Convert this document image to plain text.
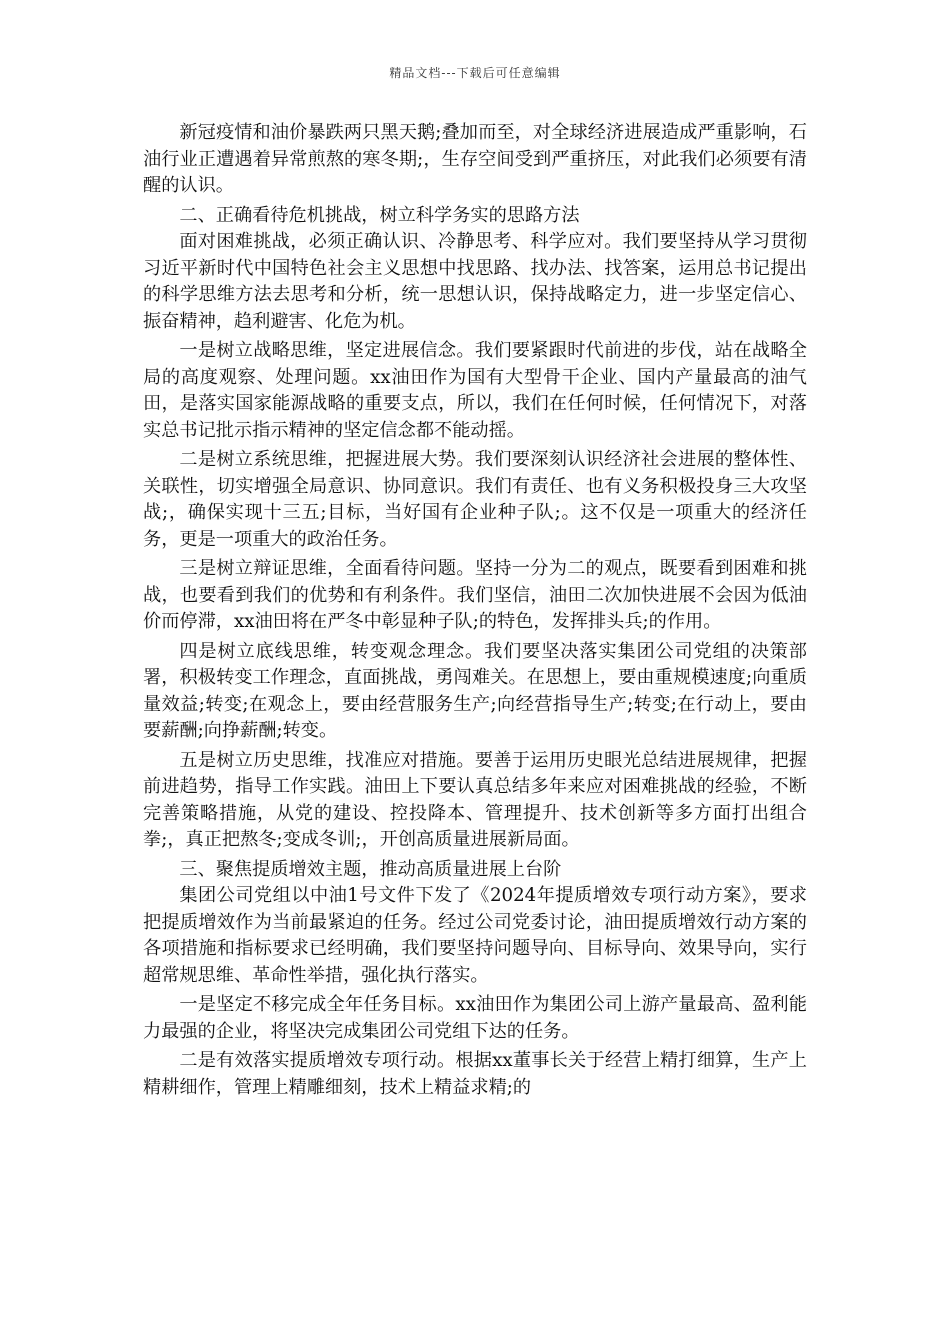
精品文档---下载后可任意编辑

新冠疫情和油价暴跌两只黑天鹅;叠加而至，对全球经济进展造成严重影响，石油行业正遭遇着异常煎熬的寒冬期;，生存空间受到严重挤压，对此我们必须要有清醒的认识。

二、正确看待危机挑战，树立科学务实的思路方法

面对困难挑战，必须正确认识、冷静思考、科学应对。我们要坚持从学习贯彻习近平新时代中国特色社会主义思想中找思路、找办法、找答案，运用总书记提出的科学思维方法去思考和分析，统一思想认识，保持战略定力，进一步坚定信心、振奋精神，趋利避害、化危为机。

一是树立战略思维，坚定进展信念。我们要紧跟时代前进的步伐，站在战略全局的高度观察、处理问题。xx油田作为国有大型骨干企业、国内产量最高的油气田，是落实国家能源战略的重要支点，所以，我们在任何时候，任何情况下，对落实总书记批示指示精神的坚定信念都不能动摇。

二是树立系统思维，把握进展大势。我们要深刻认识经济社会进展的整体性、关联性，切实增强全局意识、协同意识。我们有责任、也有义务积极投身三大攻坚战;，确保实现十三五;目标，当好国有企业种子队;。这不仅是一项重大的经济任务，更是一项重大的政治任务。

三是树立辩证思维，全面看待问题。坚持一分为二的观点，既要看到困难和挑战，也要看到我们的优势和有利条件。我们坚信，油田二次加快进展不会因为低油价而停滞，xx油田将在严冬中彰显种子队;的特色，发挥排头兵;的作用。

四是树立底线思维，转变观念理念。我们要坚决落实集团公司党组的决策部署，积极转变工作理念，直面挑战，勇闯难关。在思想上，要由重规模速度;向重质量效益;转变;在观念上，要由经营服务生产;向经营指导生产;转变;在行动上，要由要薪酬;向挣薪酬;转变。

五是树立历史思维，找准应对措施。要善于运用历史眼光总结进展规律，把握前进趋势，指导工作实践。油田上下要认真总结多年来应对困难挑战的经验，不断完善策略措施，从党的建设、控投降本、管理提升、技术创新等多方面打出组合拳;，真正把熬冬;变成冬训;，开创高质量进展新局面。

三、聚焦提质增效主题，推动高质量进展上台阶

集团公司党组以中油1号文件下发了《2024年提质增效专项行动方案》，要求把提质增效作为当前最紧迫的任务。经过公司党委讨论，油田提质增效行动方案的各项措施和指标要求已经明确，我们要坚持问题导向、目标导向、效果导向，实行超常规思维、革命性举措，强化执行落实。

一是坚定不移完成全年任务目标。xx油田作为集团公司上游产量最高、盈利能力最强的企业，将坚决完成集团公司党组下达的任务。

二是有效落实提质增效专项行动。根据xx董事长关于经营上精打细算，生产上精耕细作，管理上精雕细刻，技术上精益求精;的
